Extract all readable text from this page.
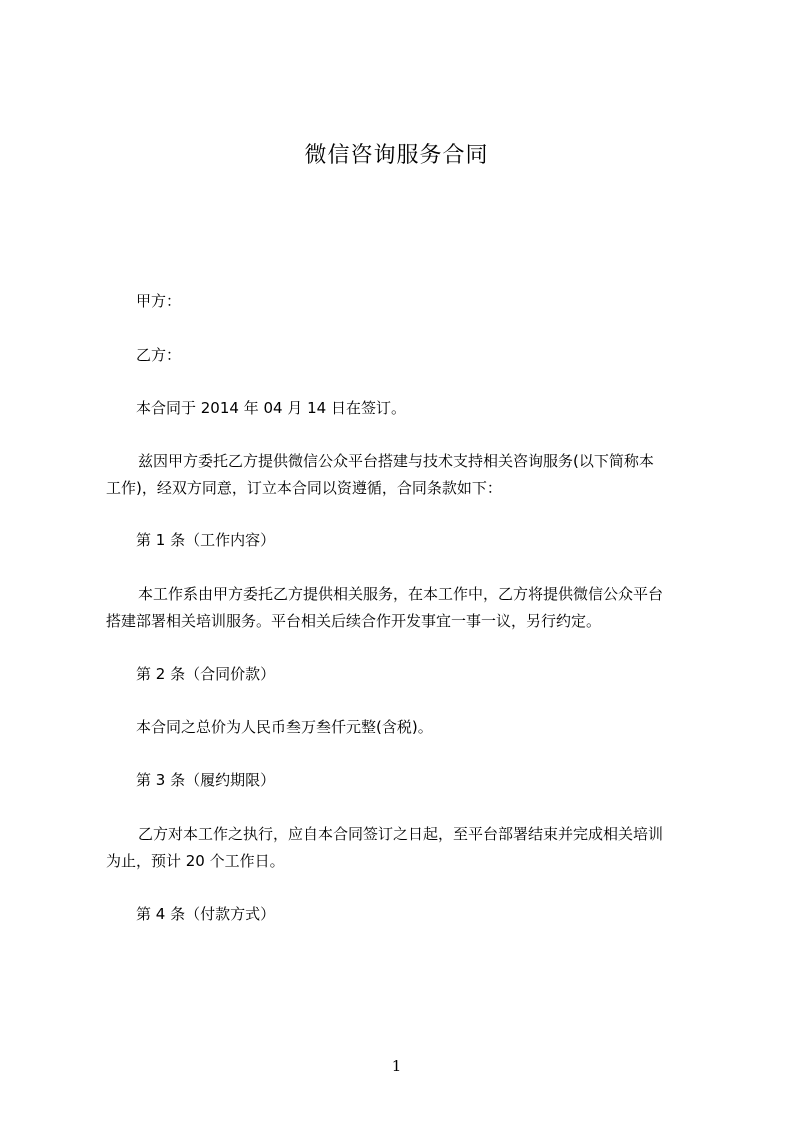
微信咨询服务合同
甲方：
乙方：
本合同于 2014 年 04 月 14 日在签订。
兹因甲方委托乙方提供微信公众平台搭建与技术支持相关咨询服务(以下简称本
工作)，经双方同意，订立本合同以资遵循，合同条款如下：
第 1 条（工作内容）
本工作系由甲方委托乙方提供相关服务，在本工作中，乙方将提供微信公众平台
搭建部署相关培训服务。平台相关后续合作开发事宜一事一议，另行约定。
第 2 条（合同价款）
本合同之总价为人民币叁万叁仟元整(含税)。
第 3 条（履约期限）
乙方对本工作之执行，应自本合同签订之日起，至平台部署结束并完成相关培训
为止，预计 20 个工作日。
第 4 条（付款方式）
1
